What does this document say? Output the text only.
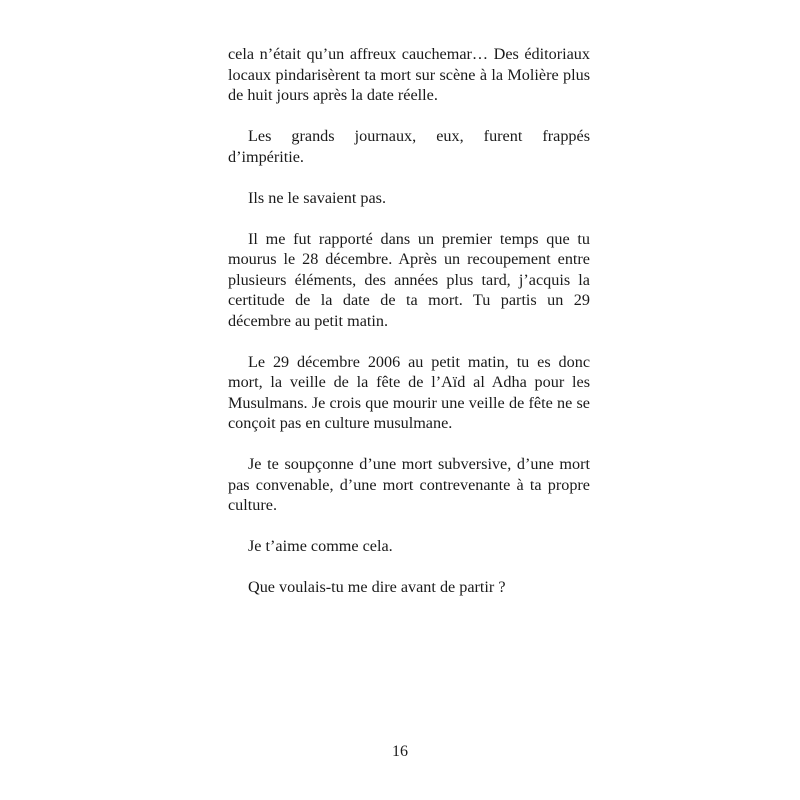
cela n’était qu’un affreux cauchemar… Des éditoriaux locaux pindarisèrent ta mort sur scène à la Molière plus de huit jours après la date réelle.

Les grands journaux, eux, furent frappés d’impéritie.

Ils ne le savaient pas.

Il me fut rapporté dans un premier temps que tu mourus le 28 décembre. Après un recoupement entre plusieurs éléments, des années plus tard, j’acquis la certitude de la date de ta mort. Tu partis un 29 décembre au petit matin.

Le 29 décembre 2006 au petit matin, tu es donc mort, la veille de la fête de l’Aïd al Adha pour les Musulmans. Je crois que mourir une veille de fête ne se conçoit pas en culture musulmane.

Je te soupçonne d’une mort subversive, d’une mort pas convenable, d’une mort contrevenante à ta propre culture.

Je t’aime comme cela.

Que voulais-tu me dire avant de partir ?

16
